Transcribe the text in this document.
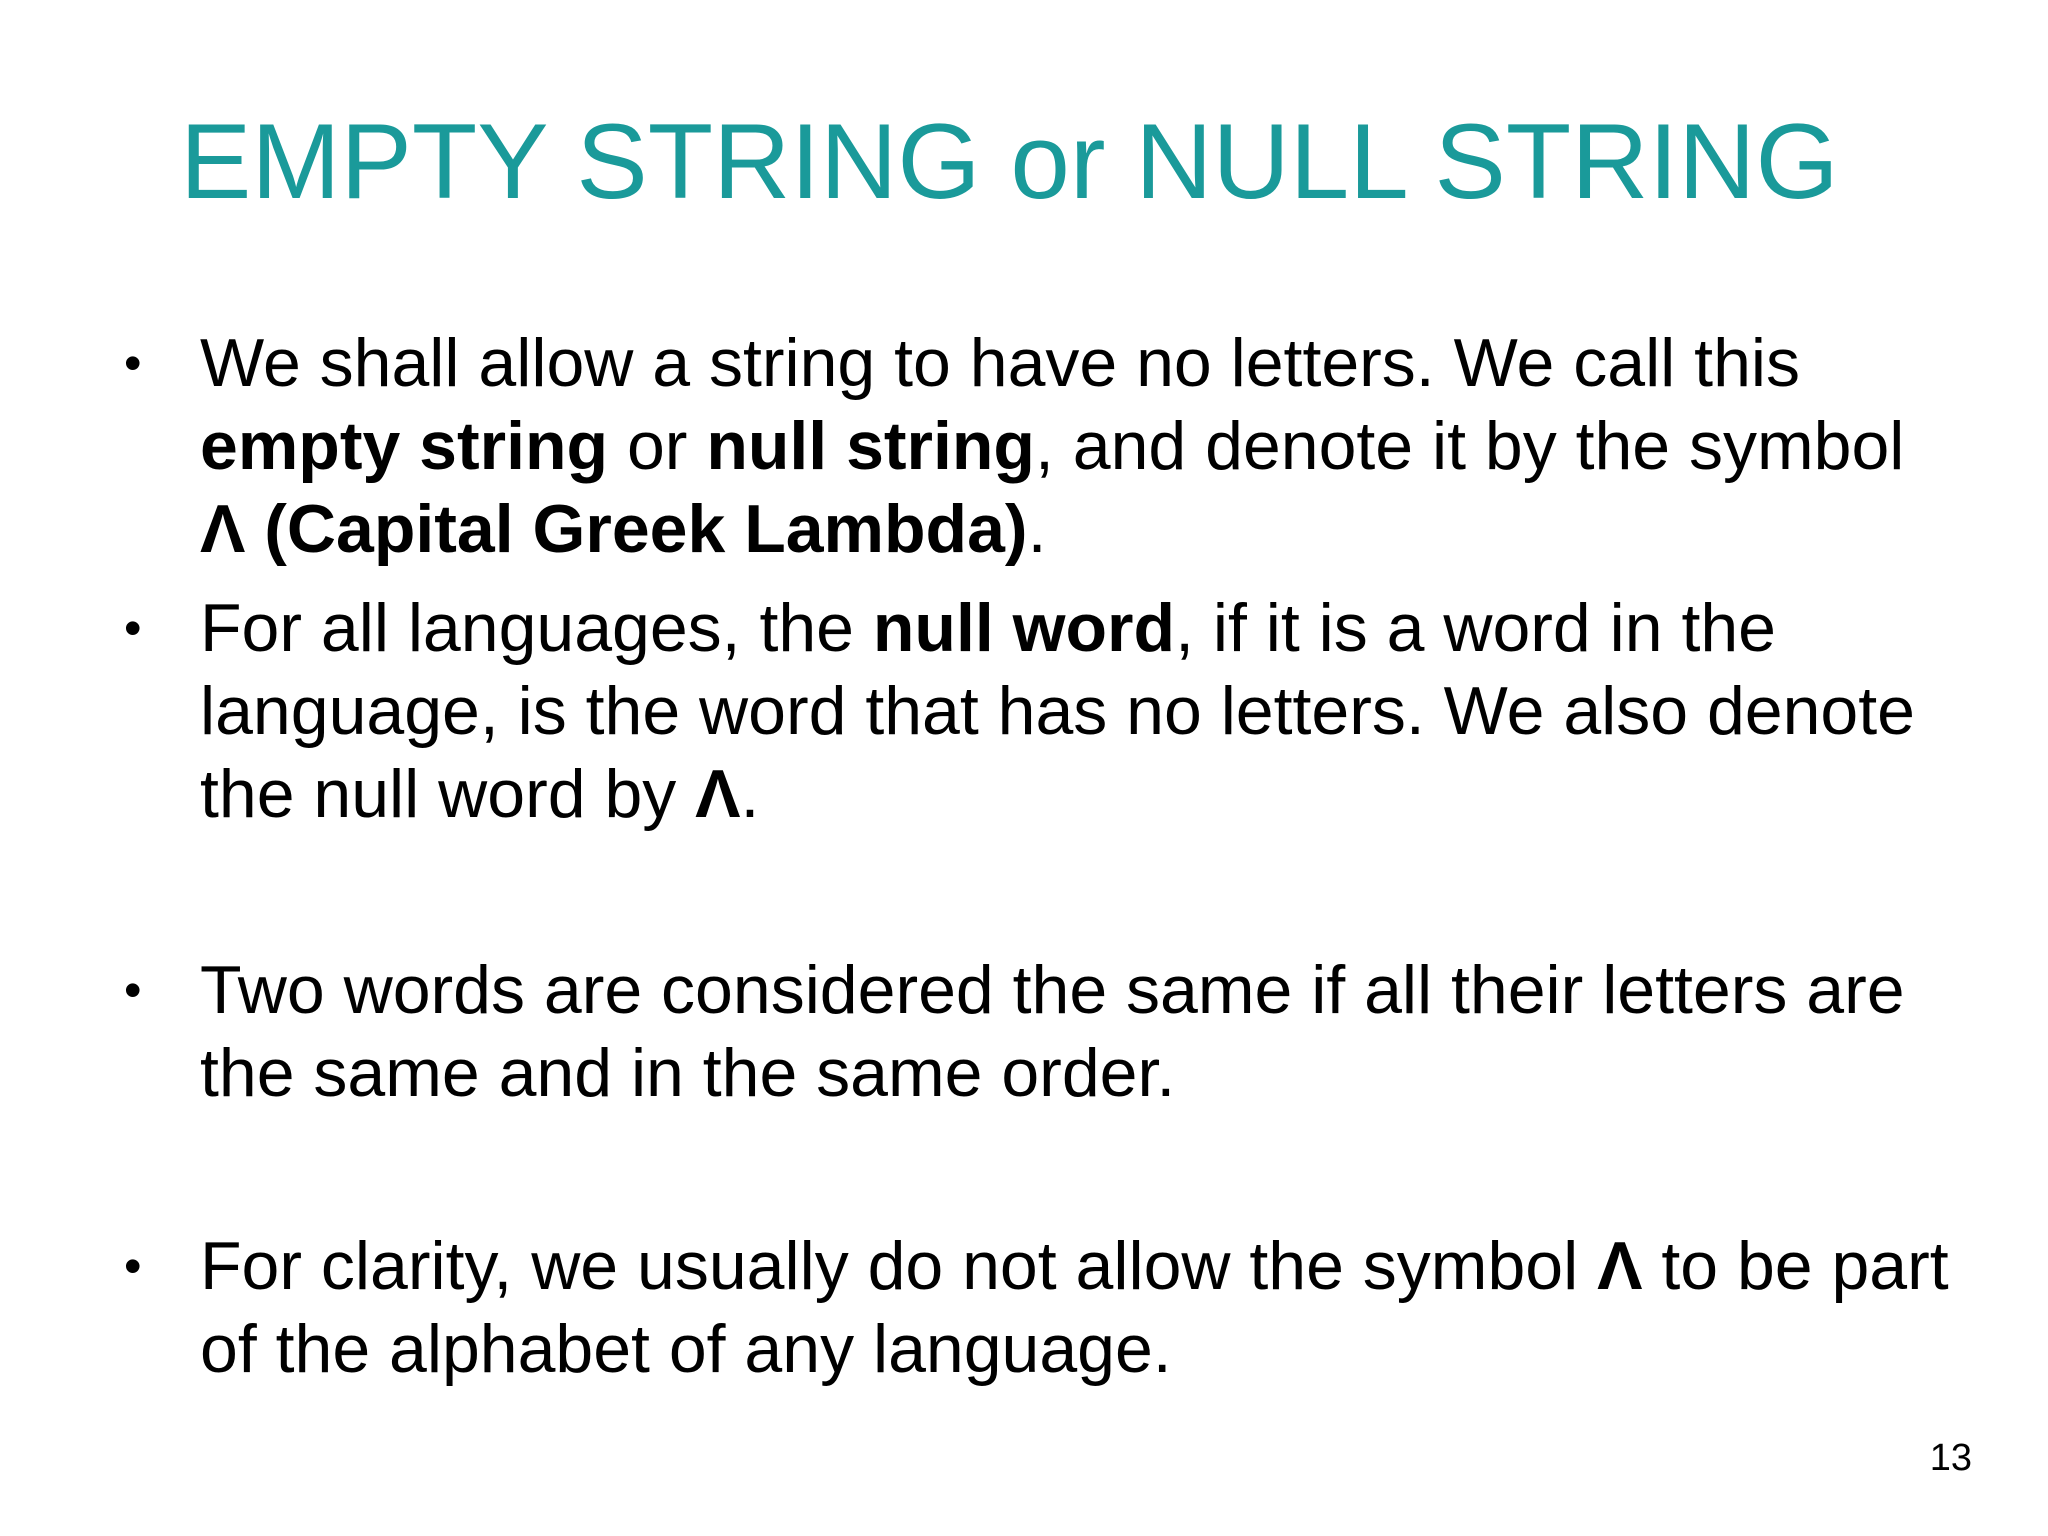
EMPTY STRING or NULL STRING
• We shall allow a string to have no letters. We call this empty string or null string, and denote it by the symbol Λ (Capital Greek Lambda).
• For all languages, the null word, if it is a word in the language, is the word that has no letters. We also denote the null word by Λ.
• Two words are considered the same if all their letters are the same and in the same order.
• For clarity, we usually do not allow the symbol Λ to be part of the alphabet of any language.
13
